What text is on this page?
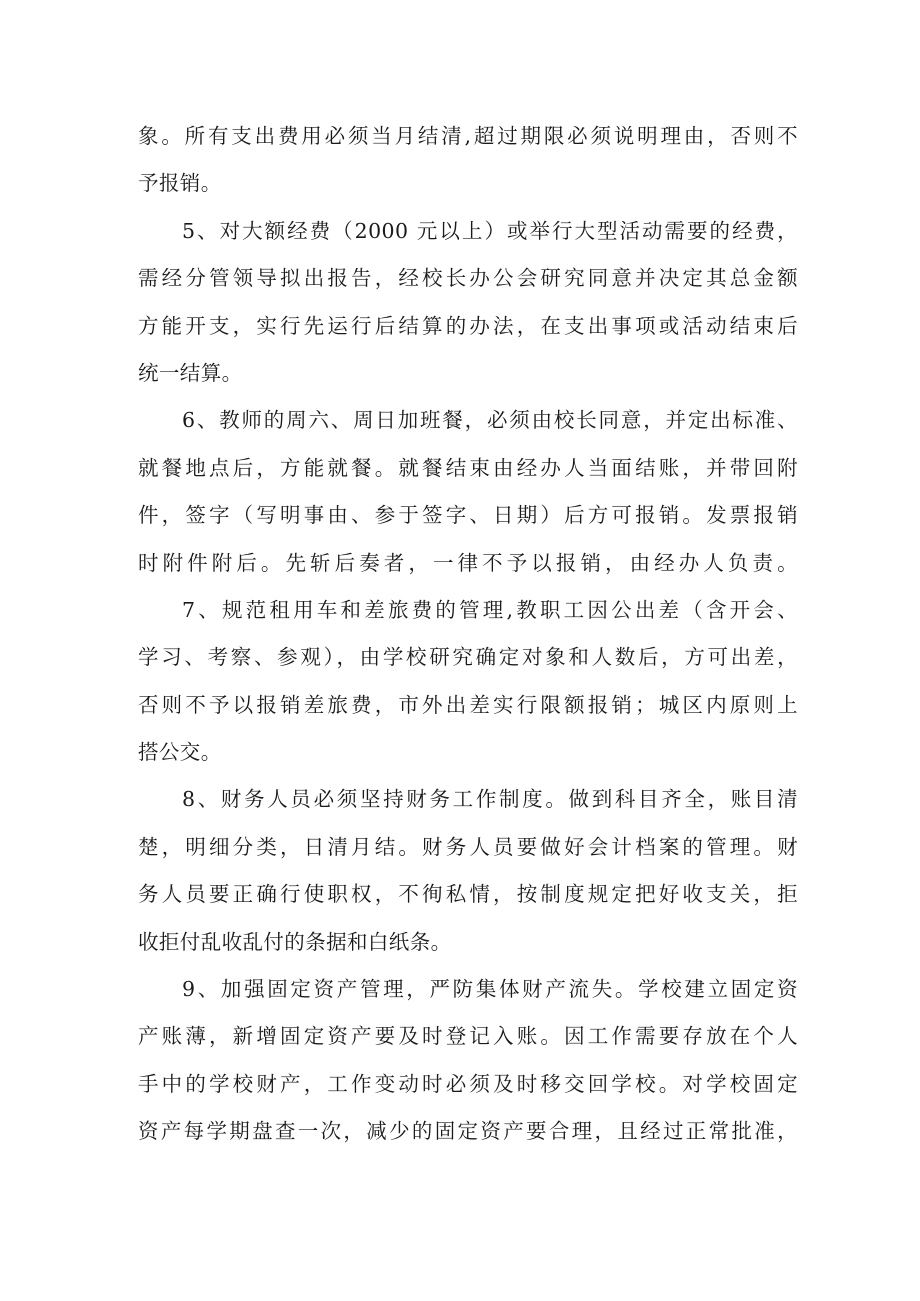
象。所有支出费用必须当月结清,超过期限必须说明理由，否则不
予报销。
5、对大额经费（2000 元以上）或举行大型活动需要的经费，
需经分管领导拟出报告，经校长办公会研究同意并决定其总金额
方能开支，实行先运行后结算的办法，在支出事项或活动结束后
统一结算。
6、教师的周六、周日加班餐，必须由校长同意，并定出标准、
就餐地点后，方能就餐。就餐结束由经办人当面结账，并带回附
件，签字（写明事由、参于签字、日期）后方可报销。发票报销
时附件附后。先斩后奏者，一律不予以报销，由经办人负责。
7、规范租用车和差旅费的管理,教职工因公出差（含开会、
学习、考察、参观），由学校研究确定对象和人数后，方可出差，
否则不予以报销差旅费，市外出差实行限额报销；城区内原则上
搭公交。
8、财务人员必须坚持财务工作制度。做到科目齐全，账目清
楚，明细分类，日清月结。财务人员要做好会计档案的管理。财
务人员要正确行使职权，不徇私情，按制度规定把好收支关，拒
收拒付乱收乱付的条据和白纸条。
9、加强固定资产管理，严防集体财产流失。学校建立固定资
产账薄，新增固定资产要及时登记入账。因工作需要存放在个人
手中的学校财产，工作变动时必须及时移交回学校。对学校固定
资产每学期盘查一次，减少的固定资产要合理，且经过正常批准，
